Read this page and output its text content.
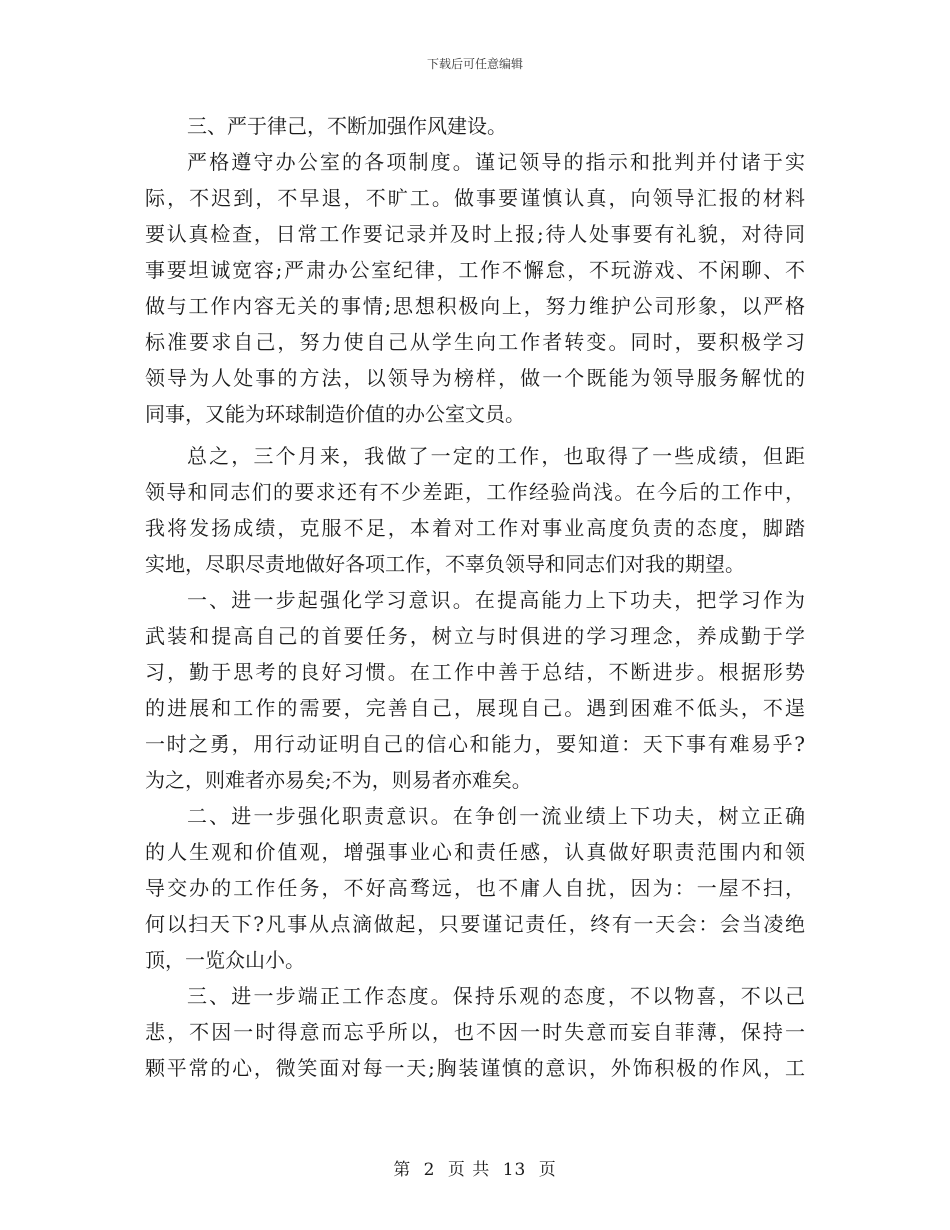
下载后可任意编辑
三、严于律己，不断加强作风建设。
严格遵守办公室的各项制度。谨记领导的指示和批判并付诸于实
际，不迟到，不早退，不旷工。做事要谨慎认真，向领导汇报的材料
要认真检查，日常工作要记录并及时上报;待人处事要有礼貌，对待同
事要坦诚宽容;严肃办公室纪律，工作不懈怠，不玩游戏、不闲聊、不
做与工作内容无关的事情;思想积极向上，努力维护公司形象，以严格
标准要求自己，努力使自己从学生向工作者转变。同时，要积极学习
领导为人处事的方法，以领导为榜样，做一个既能为领导服务解忧的
同事，又能为环球制造价值的办公室文员。
总之，三个月来，我做了一定的工作，也取得了一些成绩，但距
领导和同志们的要求还有不少差距，工作经验尚浅。在今后的工作中，
我将发扬成绩，克服不足，本着对工作对事业高度负责的态度，脚踏
实地，尽职尽责地做好各项工作，不辜负领导和同志们对我的期望。
一、进一步起强化学习意识。在提高能力上下功夫，把学习作为
武装和提高自己的首要任务，树立与时俱进的学习理念，养成勤于学
习，勤于思考的良好习惯。在工作中善于总结，不断进步。根据形势
的进展和工作的需要，完善自己，展现自己。遇到困难不低头，不逞
一时之勇，用行动证明自己的信心和能力，要知道：天下事有难易乎?
为之，则难者亦易矣;不为，则易者亦难矣。
二、进一步强化职责意识。在争创一流业绩上下功夫，树立正确
的人生观和价值观，增强事业心和责任感，认真做好职责范围内和领
导交办的工作任务，不好高骛远，也不庸人自扰，因为：一屋不扫，
何以扫天下?凡事从点滴做起，只要谨记责任，终有一天会：会当凌绝
顶，一览众山小。
三、进一步端正工作态度。保持乐观的态度，不以物喜，不以己
悲，不因一时得意而忘乎所以，也不因一时失意而妄自菲薄，保持一
颗平常的心，微笑面对每一天;胸装谨慎的意识，外饰积极的作风，工
第 2 页 共 13 页
